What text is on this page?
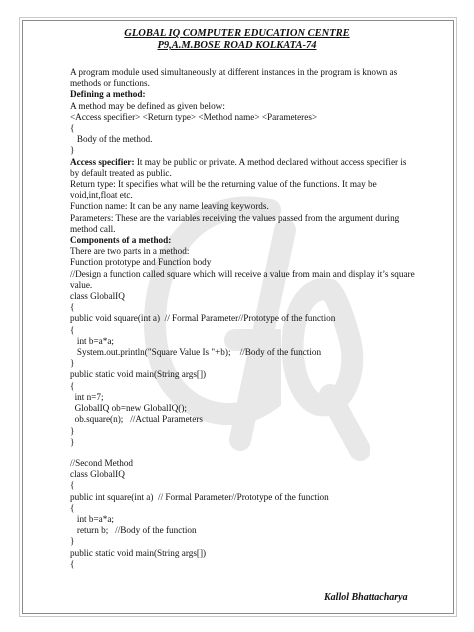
GLOBAL IQ COMPUTER EDUCATION CENTRE
P9,A.M.BOSE ROAD KOLKATA-74
A program module used simultaneously at different instances in the program is known as methods or functions.
Defining a method:
A method may be defined as given below:
<Access specifier> <Return type> <Method name> <Parameteres>
{
Body of the method.
}
Access specifier: It may be public or private. A method declared without access specifier is by default treated as public.
Return type: It specifies what will be the returning value of the functions. It may be void,int,float etc.
Function name: It can be any name leaving keywords.
Parameters: These are the variables receiving the values passed from the argument during method call.
Components of a method:
There are two parts in a method:
Function prototype and Function body
//Design a function called square which will receive a value from main and display it’s square value.
class GlobalIQ
{
public void square(int a)  // Formal Parameter//Prototype of the function
{
int b=a*a;
System.out.println("Square Value Is "+b);    //Body of the function
}
public static void main(String args[])
{
int n=7;
GlobalIQ ob=new GlobalIQ();
ob.square(n);   //Actual Parameters
}
}
//Second Method
class GlobalIQ
{
public int square(int a)  // Formal Parameter//Prototype of the function
{
int b=a*a;
return b;   //Body of the function
}
public static void main(String args[])
{
Kallol Bhattacharya
